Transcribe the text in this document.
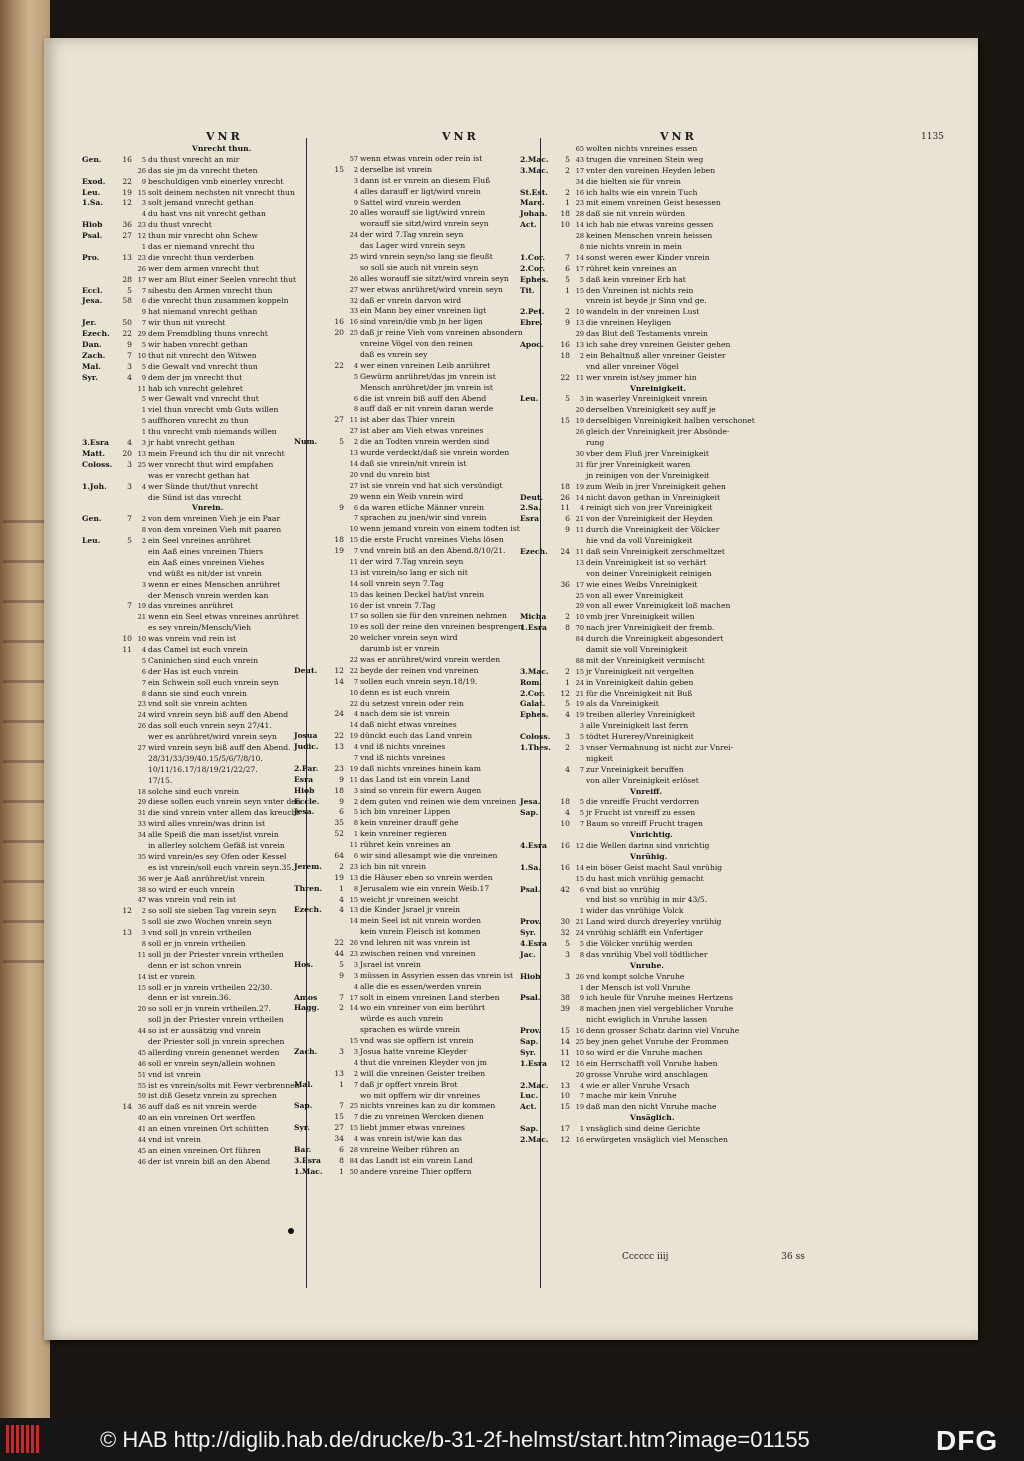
1135
VNR
Vnrecht thun.
Gen.	16	5 du thust vnrecht an mir
26 das sie jm da vnrecht theten
Exod.	22	9 beschuldigen vmb einerley vnrecht
Leu.	19 15 solt deinem nechsten nit vnrecht thun
1.Sa.	12	3 solt jemand vnrecht gethan
4 du hast vns nit vnrecht gethan
Hiob	36 23 du thust vnrecht
Psal.	27 12 thun mir vnrecht ohn Schew
1 das er niemand vnrecht thu
Pro.	13 23 die vnrecht thun verderben
26 wer dem armen vnrecht thut
28 17 wer am Blut einer Seelen vnrecht thut
Eccl.	5	7 sihestu den Armen vnrecht thun
Jesa.	58	6 die vnrecht thun zusammen koppeln
9 hat niemand vnrecht gethan
Jer.	50	7 wir thun nit vnrecht
Ezech.	22 29 dem Fremdbling thuns vnrecht
Dan.	9	5 wir haben vnrecht gethan
Zach.	7 10 thut nit vnrecht den Witwen
Mal.	3	5 die Gewalt vnd vnrecht thun
Syr.	4	9 dem der jm vnrecht thut
11 hab ich vnrecht gelehret
5 wer Gewalt vnd vnrecht thut
1 viel thun vnrecht vmb Guts willen
5 auffhoren vnrecht zu thun
1 thu vnrecht vmb niemands willen
3.Esra	4	3 jr habt vnrecht gethan
Matt.	20 13 mein Freund ich thu dir nit vnrecht
Coloss.	3 25 wer vnrecht thut wird empfahen
was er vnrecht gethan hat
1.Joh.	3	4 wer Sünde thut/thut vnrecht
die Sünd ist das vnrecht
Vnrein.
Gen.	7	2 von dem vnreinen Vieh je ein Paar
8 von dem vnreinen Vieh mit paaren
Leu.	5	2 ein Seel vnreines anrühret
ein Aaß eines vnreinen Thiers
ein Aaß eines vnreinen Viehes
vnd wüßt es nit/der ist vnrein
3 wenn er eines Menschen anrühret
der Mensch vnrein werden kan
7 19 das vnreines anrühret
21 wenn ein Seel etwas vnreines anrühret
es sey vnrein/Mensch/Vieh
10 10 was vnrein vnd rein ist
11	4 das Camel ist euch vnrein
5 Caninichen sind euch vnrein
6 der Has ist euch vnrein
7 ein Schwein soll euch vnrein seyn
8 dann sie sind euch vnrein
23 vnd solt sie vnrein achten
24 wird vnrein seyn biß auff den Abend
26 das soll euch vnrein seyn 27/41.
wer es anrühret/wird vnrein seyn
27 wird vnrein seyn biß auff den Abend.
28/31/33/39/40.15/5/6/7/8/10.
10/11/16.17/18/19/21/22/27.
17/15.
18 solche sind euch vnrein
29 diese sollen euch vnrein seyn vnter den
31 die sind vnrein vnter allem das kreucht
33 wird alles vnrein/was drinn ist
34 alle Speiß die man isset/ist vnrein
in allerley solchem Gefäß ist vnrein
35 wird vnrein/es sey Ofen oder Kessel
es ist vnrein/soll euch vnrein seyn.35.
36 wer je Aaß anrühret/ist vnrein
38 so wird er euch vnrein
47 was vnrein vnd rein ist
12	2 so soll sie sieben Tag vnrein seyn
5 soll sie zwo Wochen vnrein seyn
13	3 vnd soll jn vnrein vrtheilen
8 soll er jn vnrein vrtheilen
11 soll jn der Priester vnrein vrtheilen
denn er ist schon vnrein
14 ist er vnrein
15 soll er jn vnrein vrtheilen 22/30.
denn er ist vnrein.36.
20 so soll er jn vnrein vrtheilen.27.
soll jn der Priester vnrein vrtheilen
44 so ist er aussätzig vnd vnrein
der Priester soll jn vnrein sprechen
45 allerding vnrein genennet werden
46 soll er vnrein seyn/allein wohnen
51 vnd ist vnrein
55 ist es vnrein/solts mit Fewr verbrennen
59 ist diß Gesetz vnrein zu sprechen
14 36 auff daß es nit vnrein werde
40 an ein vnreinen Ort werffen
41 an einen vnreinen Ort schütten
44 vnd ist vnrein
45 an einen vnreinen Ort führen
46 der ist vnrein biß an den Abend
VNR
57 wenn etwas vnrein oder rein ist
15	2 derselbe ist vnrein
3 dann ist er vnrein an diesem Fluß
4 alles darauff er ligt/wird vnrein
9 Sattel wird vnrein werden
20 alles worauff sie ligt/wird vnrein
worauff sie sitzt/wird vnrein seyn
24 der wird 7.Tag vnrein seyn
das Lager wird vnrein seyn
25 wird vnrein seyn/so lang sie fleußt
so soll sie auch nit vnrein seyn
26 alles worauff sie sitzt/wird vnrein seyn
27 wer etwas anrühret/wird vnrein seyn
32 daß er vnrein darvon wird
33 ein Mann bey einer vnreinen ligt
16 16 sind vnrein/die vmb jn her ligen
20 25 daß jr reine Vieh vom vnreinen absondern
vnreine Vögel von den reinen
daß es vnrein sey
22	4 wer einen vnreinen Leib anrühret
5 Gewürm anrühret/das jm vnrein ist
Mensch anrühret/der jm vnrein ist
6 die ist vnrein biß auff den Abend
8 auff daß er nit vnrein daran werde
27 11 ist aber das Thier vnrein
27 ist aber am Vieh etwas vnreines
Num.	5	2 die an Todten vnrein werden sind
13 wurde verdeckt/daß sie vnrein worden
14 daß sie vnrein/nit vnrein ist
20 vnd du vnrein bist
27 ist sie vnrein vnd hat sich versündigt
29 wenn ein Weib vnrein wird
9	6 da waren etliche Männer vnrein
7 sprachen zu jnen/wir sind vnrein
10 wenn jemand vnrein von einem todten ist
18 15 die erste Frucht vnreines Viehs lösen
19	7 vnd vnrein biß an den Abend.8/10/21.
11 der wird 7.Tag vnrein seyn
13 ist vnrein/so lang er sich nit
14 soll vnrein seyn 7.Tag
15 das keinen Deckel hat/ist vnrein
16 der ist vnrein 7.Tag
17 so sollen sie für den vnreinen nehmen
19 es soll der reine den vnreinen besprengen
20 welcher vnrein seyn wird
darumb ist er vnrein
22 was er anrühret/wird vnrein werden
Deut.	12 22 beyde der reinen vnd vnreinen
14	7 sollen euch vnrein seyn.18/19.
10 denn es ist euch vnrein
22 du setzest vnrein oder rein
24	4 nach dem sie ist vnrein
14 daß nicht etwas vnreines
Josua	22 19 dünckt euch das Land vnrein
Judic.	13	4 vnd iß nichts vnreines
7 vnd iß nichts vnreines
2.Par.	23 19 daß nichts vnreines hinein kam
Esra	9 11 das Land ist ein vnrein Land
Hiob	18	3 sind so vnrein für ewern Augen
Eccle.	9	2 dem guten vnd reinen wie dem vnreinen
Jesa.	6	5 ich bin vnreiner Lippen
35	8 kein vnreiner drauff gehe
52	1 kein vnreiner regieren
11 rühret kein vnreines an
64	6 wir sind allesampt wie die vnreinen
Jerem.	2 23 ich bin nit vnrein
19 13 die Häuser eben so vnrein werden
Thren.	1	8 Jerusalem wie ein vnrein Weib.17
4 15 weicht jr vnreinen weicht
Ezech.	4 13 die Kinder Jsrael jr vnrein
14 mein Seel ist nit vnrein worden
kein vnrein Fleisch ist kommen
22 26 vnd lehren nit was vnrein ist
44 23 zwischen reinen vnd vnreinen
Hos.	5	3 Jsrael ist vnrein
9	3 müssen in Assyrien essen das vnrein ist
4 alle die es essen/werden vnrein
Amos	7 17 solt in einem vnreinen Land sterben
Hagg.	2 14 wo ein vnreiner von eim berührt
würde es auch vnrein
sprachen es würde vnrein
15 vnd was sie opffern ist vnrein
Zach.	3	3 Josua hatte vnreine Kleyder
4 thut die vnreinen Kleyder von jm
13	2 will die vnreinen Geister treiben
Mal.	1	7 daß jr opffert vnrein Brot
wo mit opffern wir dir vnreines
Sap.	7 25 nichts vnreines kan zu dir kommen
15	7 die zu vnreinen Wercken dienen
Syr.	27 15 liebt jmmer etwas vnreines
34	4 was vnrein ist/wie kan das
Bar.	6 28 vnreine Weiber rühren an
3.Esra	8 84 das Landt ist ein vnrein Land
1.Mac.	1 50 andere vnreine Thier opffern
VNR
65 wolten nichts vnreines essen
2.Mac.	5 43 trugen die vnreinen Stein weg
3.Mac.	2 17 vnter den vnreinen Heyden leben
34 die hielten sie für vnrein
St.Est.	2 16 ich halts wie ein vnrein Tuch
Marc.	1 23 mit einem vnreinen Geist besessen
Johan.	18 28 daß sie nit vnrein würden
Act.	10 14 ich hab nie etwas vnreins gessen
28 keinen Menschen vnrein heissen
8 nie nichts vnrein in mein
1.Cor.	7 14 sonst weren ewer Kinder vnrein
2.Cor.	6 17 rühret kein vnreines an
Ephes.	5	5 daß kein vnreiner Erb hat
Tit.	1 15 den Vnreinen ist nichts rein
vnrein ist beyde jr Sinn vnd ge.
2.Pet.	2 10 wandeln in der vnreinen Lust
Ebre.	9 13 die vnreinen Heyligen
29 das Blut deß Testaments vnrein
Apoc.	16 13 ich sahe drey vnreinen Geister gehen
18	2 ein Behaltnuß aller vnreiner Geister
vnd aller vnreiner Vögel
22 11 wer vnrein ist/sey jmmer hin
Vnreinigkeit.
Leu.	5	3 in waserley Vnreinigkeit vnrein
20 derselben Vnreinigkeit sey auff je
15 19 derselbigen Vnreinigkeit halben verschonet
26 gleich der Vnreinigkeit jrer Absönde-
rung
30 vber dem Fluß jrer Vnreinigkeit
31 für jrer Vnreinigkeit waren
jn reinigen von der Vnreinigkeit
18 19 zum Weib in jrer Vnreinigkeit gehen
Deut.	26 14 nicht davon gethan in Vnreinigkeit
2.Sa.	11	4 reinigt sich von jrer Vnreinigkeit
Esra	6 21 von der Vnreinigkeit der Heyden
9 11 durch die Vnreinigkeit der Völcker
hie vnd da voll Vnreinigkeit
Ezech.	24 11 daß sein Vnreinigkeit zerschmeltzet
13 dein Vnreinigkeit ist so verhärt
von deiner Vnreinigkeit reinigen
36 17 wie eines Weibs Vnreinigkeit
25 von all ewer Vnreinigkeit
29 von all ewer Vnreinigkeit loß machen
Micha	2 10 vmb jrer Vnreinigkeit willen
1.Esra	8 70 nach jrer Vnreinigkeit der fremb.
84 durch die Vnreinigkeit abgesondert
damit sie voll Vnreinigkeit
88 mit der Vnreinigkeit vermischt
3.Mac.	2 15 jr Vnreinigkeit nit vergelten
Rom.	1 24 in Vnreinigkeit dahin geben
2.Cor.	12 21 für die Vnreinigkeit nit Buß
Galat.	5 19 als da Vnreinigkeit
Ephes.	4 19 treiben allerley Vnreinigkeit
3 alle Vnreinigkeit last ferrn
Coloss.	3	5 tödtet Hurerey/Vnreinigkeit
1.Thes.	2	3 vnser Vermahnung ist nicht zur Vnrei-
nigkeit
4	7 zur Vnreinigkeit beruffen
von aller Vnreinigkeit erlöset
Vnreiff.
Jesa.	18	5 die vnreiffe Frucht verdorren
Sap.	4	5 jr Frucht ist vnreiff zu essen
10	7 Baum so vnreiff Frucht tragen
Vnrichtig.
4.Esra	16 12 die Wellen darinn sind vnrichtig
Vnrühig.
1.Sa.	16 14 ein böser Geist macht Saul vnrühig
15 du hast mich vnrühig gemacht
Psal.	42	6 vnd bist so vnrühig
vnd bist so vnrühig in mir 43/5.
1 wider das vnrühige Volck
Prov.	30 21 Land wird durch dreyerley vnrühig
Syr.	32 24 vnrühig schläfft ein Vnfertiger
4.Esra	5	5 die Völcker vnrühig werden
Jac.	3	8 das vnrühig Vbel voll tödtlicher
Vnruhe.
Hiob	3 26 vnd kompt solche Vnruhe
1 der Mensch ist voll Vnruhe
Psal.	38	9 ich heule für Vnruhe meines Hertzens
39	8 machen jnen viel vergeblicher Vnruhe
nicht ewiglich in Vnruhe lassen
Prov.	15 16 denn grosser Schatz darinn viel Vnruhe
Sap.	14 25 bey jnen gehet Vnruhe der Frommen
Syr.	11 10 so wird er die Vnruhe machen
1.Esra	12 16 ein Herrschafft voll Vnruhe haben
20 grosse Vnruhe wird anschlagen
2.Mac.	13	4 wie er aller Vnruhe Vrsach
Luc.	10	7 mache mir kein Vnruhe
Act.	15 19 daß man den nicht Vnruhe mache
Vnsäglich.
Sap.	17	1 vnsäglich sind deine Gerichte
2.Mac.	12 16 erwürgeten vnsäglich viel Menschen
Cccccc iiij	36 ss
© HAB http://diglib.hab.de/drucke/b-31-2f-helmst/start.htm?image=01155	DFG
